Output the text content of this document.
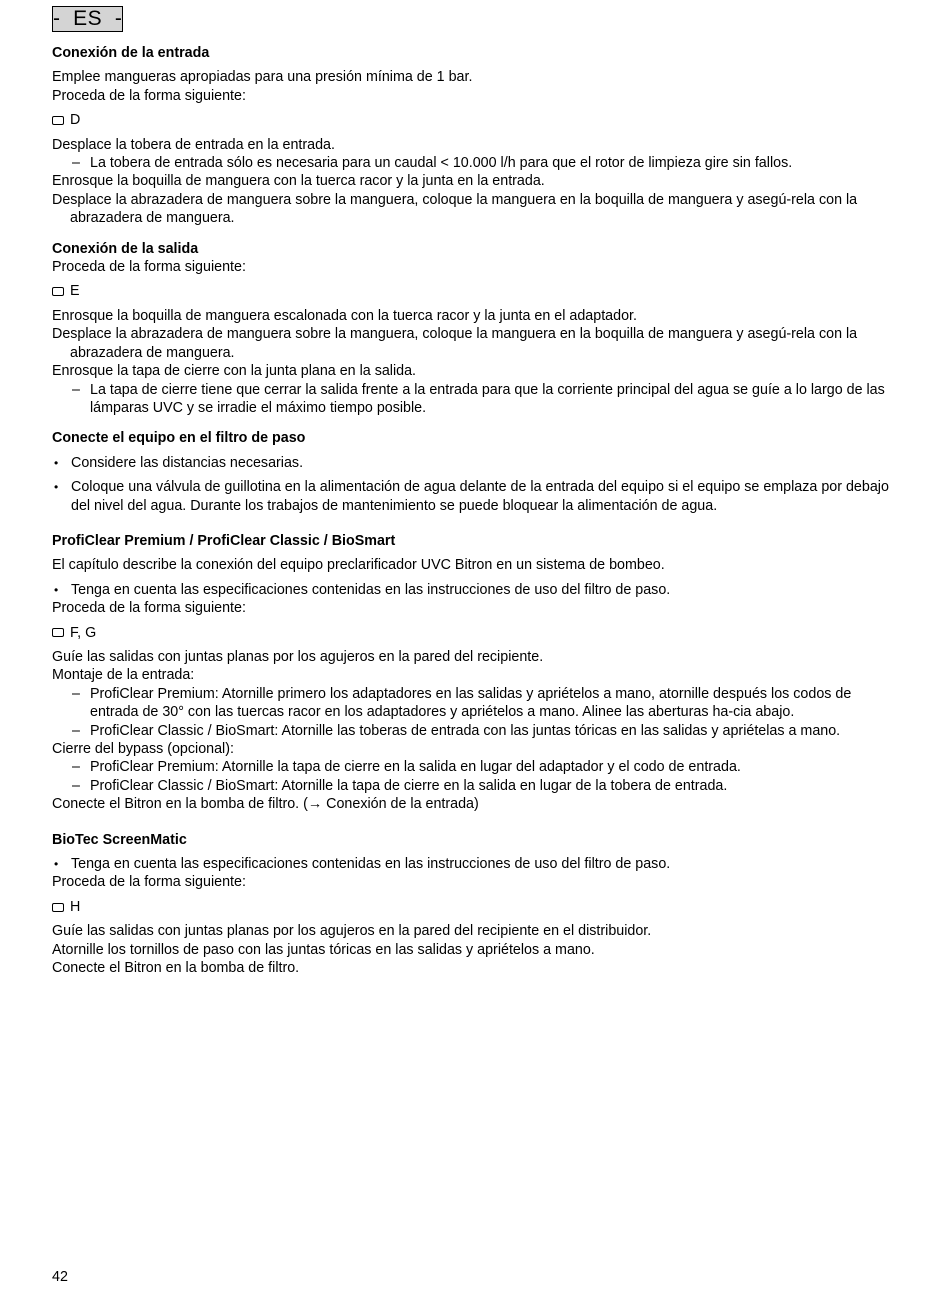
-  ES  -

Conexión de la entrada

Emplee mangueras apropiadas para una presión mínima de 1 bar.

Proceda de la forma siguiente:

D

Desplace la tobera de entrada en la entrada.

– La tobera de entrada sólo es necesaria para un caudal < 10.000 l/h para que el rotor de limpieza gire sin fallos.

Enrosque la boquilla de manguera con la tuerca racor y la junta en la entrada.

Desplace la abrazadera de manguera sobre la manguera, coloque la manguera en la boquilla de manguera y asegú-rela con la abrazadera de manguera.

Conexión de la salida

Proceda de la forma siguiente:

E

Enrosque la boquilla de manguera escalonada con la tuerca racor y la junta en el adaptador.

Desplace la abrazadera de manguera sobre la manguera, coloque la manguera en la boquilla de manguera y asegú-rela con la abrazadera de manguera.

Enrosque la tapa de cierre con la junta plana en la salida.

– La tapa de cierre tiene que cerrar la salida frente a la entrada para que la corriente principal del agua se guíe a lo largo de las lámparas UVC y se irradie el máximo tiempo posible.

Conecte el equipo en el filtro de paso

• Considere las distancias necesarias.
• Coloque una válvula de guillotina en la alimentación de agua delante de la entrada del equipo si el equipo se emplaza por debajo del nivel del agua. Durante los trabajos de mantenimiento se puede bloquear la alimentación de agua.

ProfiClear Premium / ProfiClear Classic / BioSmart

El capítulo describe la conexión del equipo preclarificador UVC Bitron en un sistema de bombeo.

• Tenga en cuenta las especificaciones contenidas en las instrucciones de uso del filtro de paso.

Proceda de la forma siguiente:

F, G

Guíe las salidas con juntas planas por los agujeros en la pared del recipiente.

Montaje de la entrada:

– ProfiClear Premium: Atornille primero los adaptadores en las salidas y apriételos a mano, atornille después los codos de entrada de 30° con las tuercas racor en los adaptadores y apriételos a mano. Alinee las aberturas ha-cia abajo.
– ProfiClear Classic / BioSmart: Atornille las toberas de entrada con las juntas tóricas en las salidas y apriételas a mano.

Cierre del bypass (opcional):

– ProfiClear Premium: Atornille la tapa de cierre en la salida en lugar del adaptador y el codo de entrada.
– ProfiClear Classic / BioSmart: Atornille la tapa de cierre en la salida en lugar de la tobera de entrada.

Conecte el Bitron en la bomba de filtro. (→ Conexión de la entrada)

BioTec ScreenMatic

• Tenga en cuenta las especificaciones contenidas en las instrucciones de uso del filtro de paso.

Proceda de la forma siguiente:

H

Guíe las salidas con juntas planas por los agujeros en la pared del recipiente en el distribuidor.

Atornille los tornillos de paso con las juntas tóricas en las salidas y apriételos a mano.

Conecte el Bitron en la bomba de filtro.

42
